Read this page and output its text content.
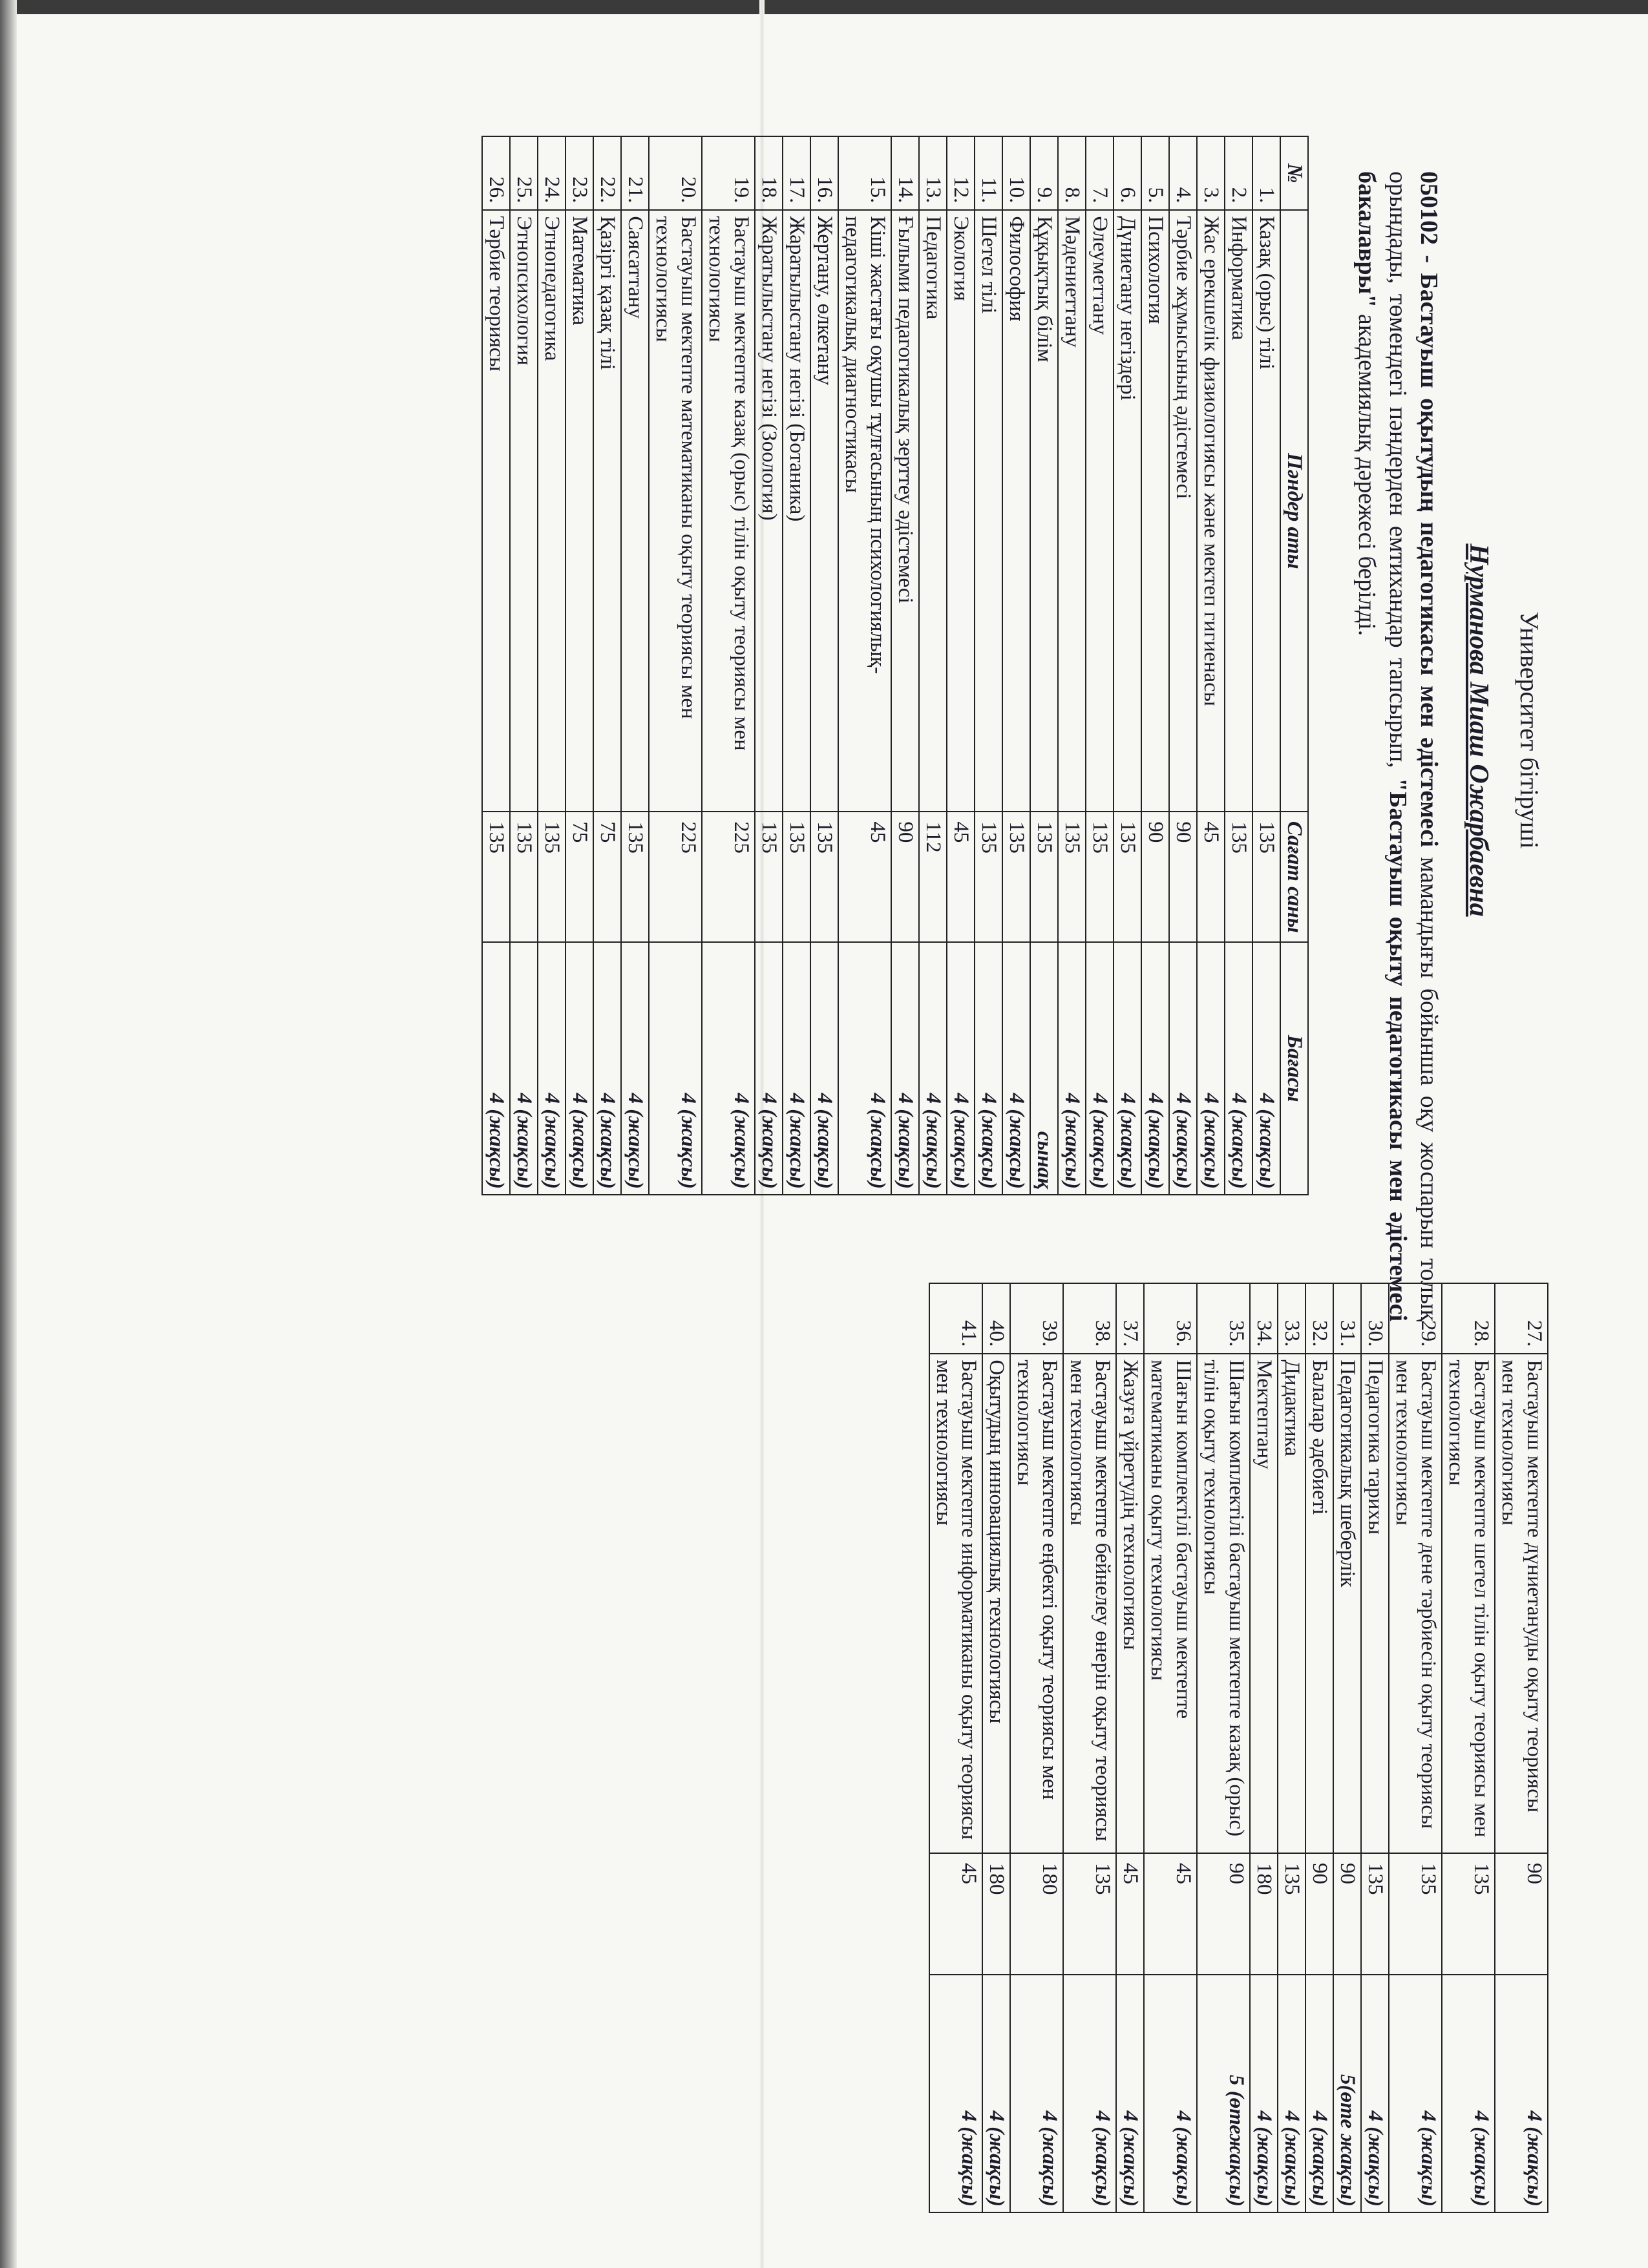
Университет бітіруші
Нурманова Миаш Ожарбаевна
050102 - Бастауыш оқытудың педагогикасы мен әдістемесі мамандығы бойынша оқу жоспарын толық орындады, төмендегі пәндерден емтихандар тапсырып, "Бастауыш оқыту педагогикасы мен әдістемесі бакалавры" академиялық дәрежесі берілді.
№	Пәндер аты	Сағат саны	Бағасы
1.	Казақ (орыс) тілі	135	4 (жақсы)
2.	Информатика	135	4 (жақсы)
3.	Жас ерекшелік физиологиясы және мектеп гигиенасы	45	4 (жақсы)
4.	Тәрбие жұмысының әдістемесі	90	4 (жақсы)
5.	Психология	90	4 (жақсы)
6.	Дүниетану негіздері	135	4 (жақсы)
7.	Әлеуметтану	135	4 (жақсы)
8.	Мәдениеттану	135	4 (жақсы)
9.	Құқықтық білім	135	сынақ
10.	Философия	135	4 (жақсы)
11.	Шетел тілі	135	4 (жақсы)
12.	Экология	45	4 (жақсы)
13.	Педагогика	112	4 (жақсы)
14.	Ғылыми педагогикалық зерттеу әдістемесі	90	4 (жақсы)
15.	Кіші жастағы оқушы тұлғасының психологиялық-педагогикалық диагностикасы	45	4 (жақсы)
16.	Жертану, өлкетану	135	4 (жақсы)
17.	Жаратылыстану негізі (Ботаника)	135	4 (жақсы)
18.	Жаратылыстану негізі (Зоология)	135	4 (жақсы)
19.	Бастауыш мектепте казақ (орыс) тілін оқыту теориясы мен технологиясы	225	4 (жақсы)
20.	Бастауыш мектепте математиканы оқыту теориясы мен технологиясы	225	4 (жақсы)
21.	Саясаттану	135	4 (жақсы)
22.	Қазіргі қазақ тілі	75	4 (жақсы)
23.	Математика	75	4 (жақсы)
24.	Этнопедагогика	135	4 (жақсы)
25.	Этнопсихология	135	4 (жақсы)
26.	Тәрбие теориясы	135	4 (жақсы)
27.	Бастауыш мектепте дүниетануды оқыту теориясы мен технологиясы	90	4 (жақсы)
28.	Бастауыш мектепте шетел тілін оқыту теориясы мен технологиясы	135	4 (жақсы)
29.	Бастауыш мектепте дене тәрбиесін оқыту теориясы мен технологиясы	135	4 (жақсы)
30.	Педагогика тарихы	135	4 (жақсы)
31.	Педагогикалық шеберлік	90	5(өте жақсы)
32.	Балалар әдебиеті	90	4 (жақсы)
33.	Дидактика	135	4 (жақсы)
34.	Мектептану	180	4 (жақсы)
35.	Шағын комплектілі бастауыш мектепте казақ (орыс) тілін оқыту технологиясы	90	5 (өтежақсы)
36.	Шағын комплектілі бастауыш мектепте математиканы оқыту технологиясы	45	4 (жақсы)
37.	Жазуға үйретудің технологиясы	45	4 (жақсы)
38.	Бастауыш мектепте бейнелеу өнерін оқыту теориясы мен технологиясы	135	4 (жақсы)
39.	Бастауыш мектепте еңбекті оқыту теориясы мен технологиясы	180	4 (жақсы)
40.	Оқытудың инновациялық технологиясы	180	4 (жақсы)
41.	Бастауыш мектепте информатиканы оқыту теориясы мен технологиясы	45	4 (жақсы)
